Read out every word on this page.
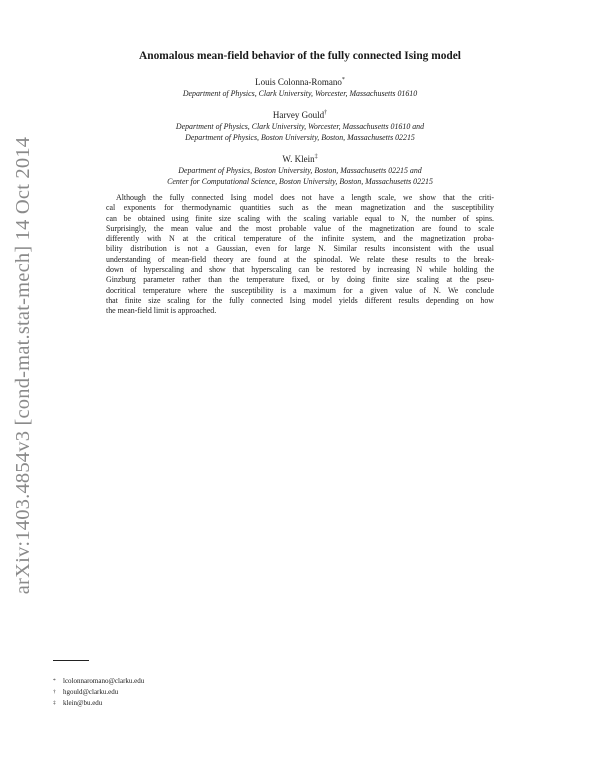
arXiv:1403.4854v3 [cond-mat.stat-mech] 14 Oct 2014
Anomalous mean-field behavior of the fully connected Ising model
Louis Colonna-Romano*
Department of Physics, Clark University, Worcester, Massachusetts 01610
Harvey Gould†
Department of Physics, Clark University, Worcester, Massachusetts 01610 and
Department of Physics, Boston University, Boston, Massachusetts 02215
W. Klein‡
Department of Physics, Boston University, Boston, Massachusetts 02215 and
Center for Computational Science, Boston University, Boston, Massachusetts 02215
Although the fully connected Ising model does not have a length scale, we show that the criti-
cal exponents for thermodynamic quantities such as the mean magnetization and the susceptibility
can be obtained using finite size scaling with the scaling variable equal to N, the number of spins.
Surprisingly, the mean value and the most probable value of the magnetization are found to scale
differently with N at the critical temperature of the infinite system, and the magnetization proba-
bility distribution is not a Gaussian, even for large N. Similar results inconsistent with the usual
understanding of mean-field theory are found at the spinodal. We relate these results to the break-
down of hyperscaling and show that hyperscaling can be restored by increasing N while holding the
Ginzburg parameter rather than the temperature fixed, or by doing finite size scaling at the pseu-
docritical temperature where the susceptibility is a maximum for a given value of N. We conclude
that finite size scaling for the fully connected Ising model yields different results depending on how
the mean-field limit is approached.
* lcolonnaromano@clarku.edu
† hgould@clarku.edu
‡ klein@bu.edu
